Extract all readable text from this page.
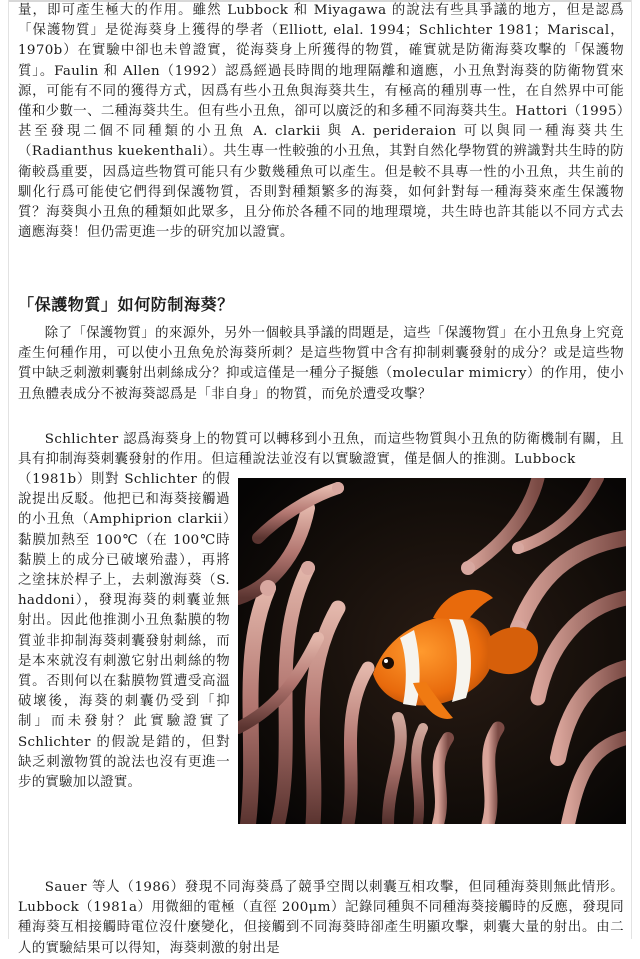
量，即可產生極大的作用。雖然 Lubbock 和 Miyagawa 的說法有些具爭議的地方，但是認爲「保護物質」是從海葵身上獲得的學者（Elliott, elal. 1994；Schlichter 1981；Mariscal，1970b）在實驗中卻也未曾證實，從海葵身上所獲得的物質，確實就是防衛海葵攻擊的「保護物質」。Faulin 和 Allen（1992）認爲經過長時間的地理隔離和適應，小丑魚對海葵的防衛物質來源，可能有不同的獲得方式，因爲有些小丑魚與海葵共生，有極高的種別專一性，在自然界中可能僅和少數一、二種海葵共生。但有些小丑魚，卻可以廣泛的和多種不同海葵共生。Hattori（1995）甚至發現二個不同種類的小丑魚 A. clarkii 與 A. perideraion 可以與同一種海葵共生（Radianthus kuekenthali）。共生專一性較強的小丑魚，其對自然化學物質的辨識對共生時的防衛較爲重要，因爲這些物質可能只有少數幾種魚可以產生。但是較不具專一性的小丑魚，共生前的馴化行爲可能使它們得到保護物質，否則對種類繁多的海葵，如何針對每一種海葵來產生保護物質？海葵與小丑魚的種類如此眾多，且分佈於各種不同的地理環境，共生時也許其能以不同方式去適應海葵！但仍需更進一步的研究加以證實。

「保護物質」如何防制海葵？

除了「保護物質」的來源外，另外一個較具爭議的問題是，這些「保護物質」在小丑魚身上究竟產生何種作用，可以使小丑魚免於海葵所刺？是這些物質中含有抑制刺囊發射的成分？或是這些物質中缺乏刺激刺囊射出刺絲成分？抑或這僅是一種分子擬態（molecular mimicry）的作用，使小丑魚體表成分不被海葵認爲是「非自身」的物質，而免於遭受攻擊？

Schlichter 認爲海葵身上的物質可以轉移到小丑魚，而這些物質與小丑魚的防衛機制有關，且具有抑制海葵刺囊發射的作用。但這種說法並沒有以實驗證實，僅是個人的推測。Lubbock

（1981b）則對 Schlichter 的假說提出反駁。他把已和海葵接觸過的小丑魚（Amphiprion clarkii）黏膜加熱至 100℃（在 100℃時黏膜上的成分已破壞殆盡），再將之塗抹於桿子上，去刺激海葵（S. haddoni），發現海葵的刺囊並無射出。因此他推測小丑魚黏膜的物質並非抑制海葵刺囊發射刺絲，而是本來就沒有刺激它射出刺絲的物質。否則何以在黏膜物質遭受高溫破壞後，海葵的刺囊仍受到「抑制」而未發射？此實驗證實了 Schlichter 的假說是錯的，但對缺乏刺激物質的說法也沒有更進一步的實驗加以證實。

Sauer 等人（1986）發現不同海葵爲了競爭空間以刺囊互相攻擊，但同種海葵則無此情形。Lubbock（1981a）用微細的電極（直徑 200μm）記錄同種與不同種海葵接觸時的反應，發現同種海葵互相接觸時電位沒什麼變化，但接觸到不同海葵時卻產生明顯攻擊，刺囊大量的射出。由二人的實驗結果可以得知，海葵刺激的射出是
